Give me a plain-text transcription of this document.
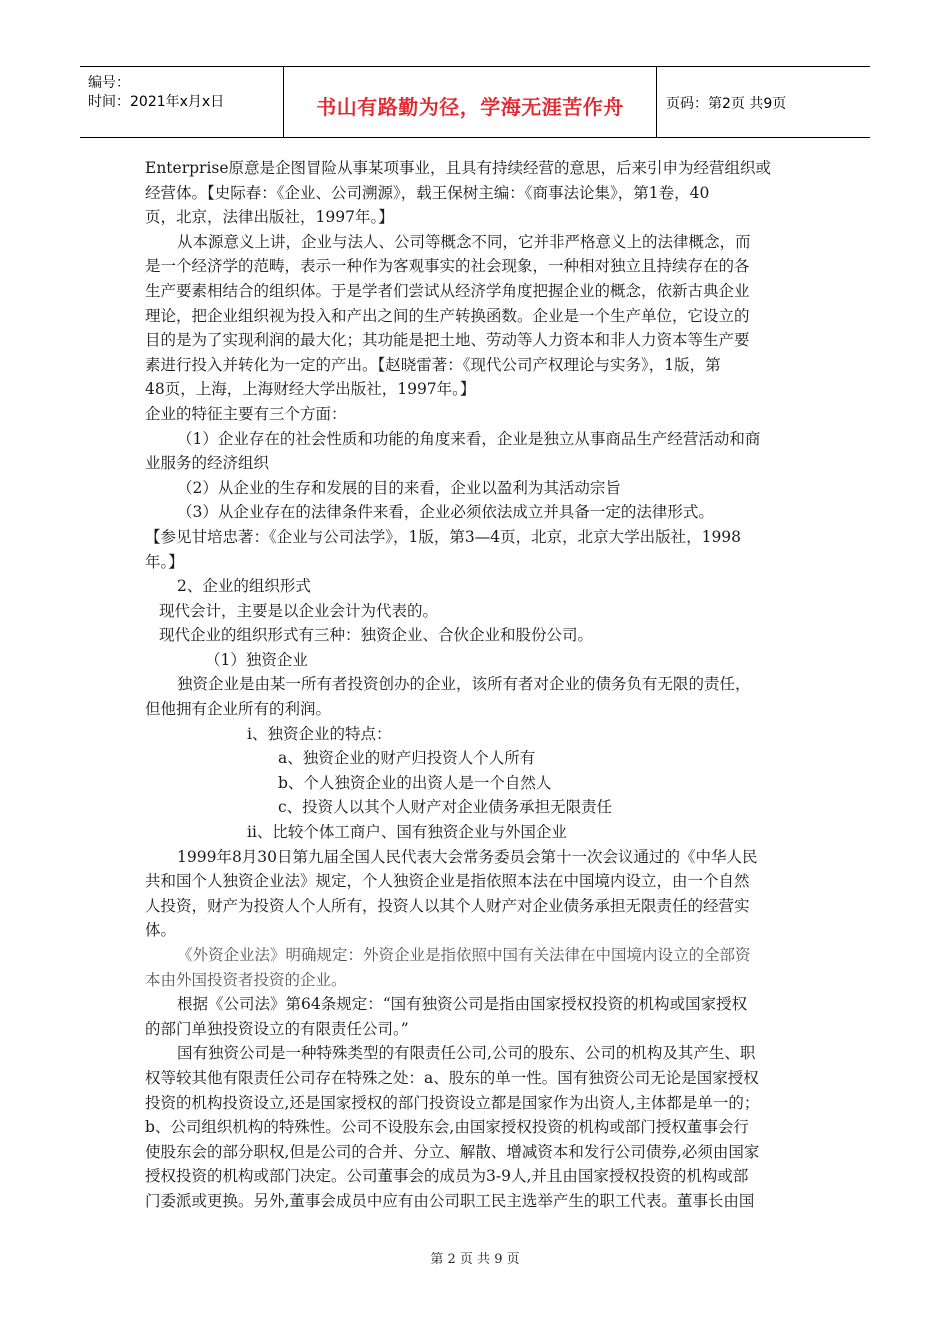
编号：
时间：2021年x月x日	书山有路勤为径，学海无涯苦作舟	页码：第2页 共9页
Enterprise原意是企图冒险从事某项事业，且具有持续经营的意思，后来引申为经营组织或
经营体。【史际春：《企业、公司溯源》，载王保树主编：《商事法论集》，第1卷，40
页，北京，法律出版社，1997年。】
从本源意义上讲，企业与法人、公司等概念不同，它并非严格意义上的法律概念，而
是一个经济学的范畴，表示一种作为客观事实的社会现象，一种相对独立且持续存在的各
生产要素相结合的组织体。于是学者们尝试从经济学角度把握企业的概念，依新古典企业
理论，把企业组织视为投入和产出之间的生产转换函数。企业是一个生产单位，它设立的
目的是为了实现利润的最大化；其功能是把土地、劳动等人力资本和非人力资本等生产要
素进行投入并转化为一定的产出。【赵晓雷著：《现代公司产权理论与实务》，1版，第
48页，上海，上海财经大学出版社，1997年。】
企业的特征主要有三个方面：
（1）企业存在的社会性质和功能的角度来看，企业是独立从事商品生产经营活动和商
业服务的经济组织
（2）从企业的生存和发展的目的来看，企业以盈利为其活动宗旨
（3）从企业存在的法律条件来看，企业必须依法成立并具备一定的法律形式。
【参见甘培忠著：《企业与公司法学》，1版，第3—4页，北京，北京大学出版社，1998
年。】
2、企业的组织形式
现代会计，主要是以企业会计为代表的。
现代企业的组织形式有三种：独资企业、合伙企业和股份公司。
（1）独资企业
独资企业是由某一所有者投资创办的企业，该所有者对企业的债务负有无限的责任，
但他拥有企业所有的利润。
ⅰ、独资企业的特点：
a、独资企业的财产归投资人个人所有
b、个人独资企业的出资人是一个自然人
c、投资人以其个人财产对企业债务承担无限责任
ⅱ、比较个体工商户、国有独资企业与外国企业
1999年8月30日第九届全国人民代表大会常务委员会第十一次会议通过的《中华人民
共和国个人独资企业法》规定，个人独资企业是指依照本法在中国境内设立，由一个自然
人投资，财产为投资人个人所有，投资人以其个人财产对企业债务承担无限责任的经营实
体。
《外资企业法》明确规定：外资企业是指依照中国有关法律在中国境内设立的全部资
本由外国投资者投资的企业。
根据《公司法》第64条规定：“国有独资公司是指由国家授权投资的机构或国家授权
的部门单独投资设立的有限责任公司。”
国有独资公司是一种特殊类型的有限责任公司,公司的股东、公司的机构及其产生、职
权等较其他有限责任公司存在特殊之处：a、股东的单一性。国有独资公司无论是国家授权
投资的机构投资设立,还是国家授权的部门投资设立都是国家作为出资人,主体都是单一的；
b、公司组织机构的特殊性。公司不设股东会,由国家授权投资的机构或部门授权董事会行
使股东会的部分职权,但是公司的合并、分立、解散、增减资本和发行公司债券,必须由国家
授权投资的机构或部门决定。公司董事会的成员为3-9人,并且由国家授权投资的机构或部
门委派或更换。另外,董事会成员中应有由公司职工民主选举产生的职工代表。董事长由国
第 2 页 共 9 页
